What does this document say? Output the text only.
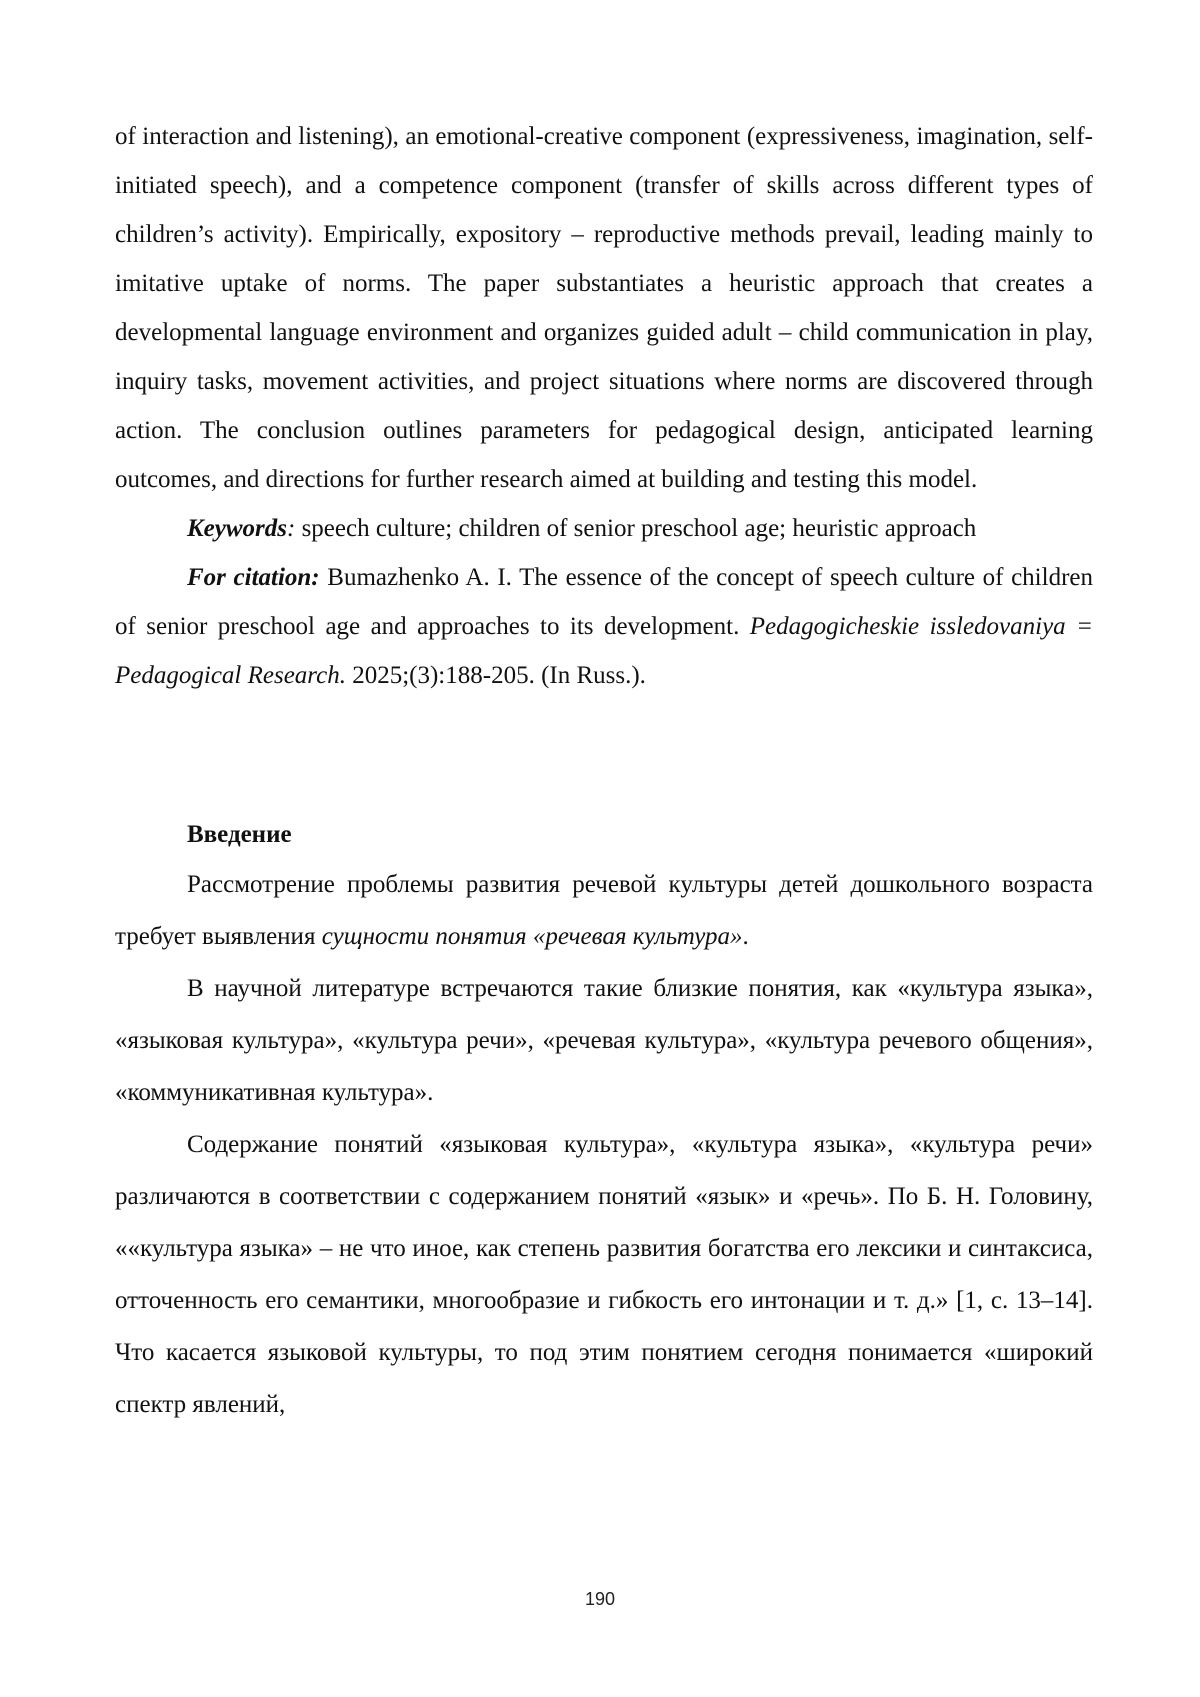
of interaction and listening), an emotional-creative component (expressiveness, imagination, self-initiated speech), and a competence component (transfer of skills across different types of children’s activity). Empirically, expository – reproductive methods prevail, leading mainly to imitative uptake of norms. The paper substantiates a heuristic approach that creates a developmental language environment and organizes guided adult – child communication in play, inquiry tasks, movement activities, and project situations where norms are discovered through action. The conclusion outlines parameters for pedagogical design, anticipated learning outcomes, and directions for further research aimed at building and testing this model.

Keywords: speech culture; children of senior preschool age; heuristic approach

For citation: Bumazhenko A. I. The essence of the concept of speech culture of children of senior preschool age and approaches to its development. Pedagogicheskie issledovaniya = Pedagogical Research. 2025;(3):188-205. (In Russ.).

Введение

Рассмотрение проблемы развития речевой культуры детей дошкольного возраста требует выявления сущности понятия «речевая культура».

В научной литературе встречаются такие близкие понятия, как «культура языка», «языковая культура», «культура речи», «речевая культура», «культура речевого общения», «коммуникативная культура».

Содержание понятий «языковая культура», «культура языка», «культура речи» различаются в соответствии с содержанием понятий «язык» и «речь». По Б. Н. Головину, ««культура языка» – не что иное, как степень развития богатства его лексики и синтаксиса, отточенность его семантики, многообразие и гибкость его интонации и т. д.» [1, с. 13–14]. Что касается языковой культуры, то под этим понятием сегодня понимается «широкий спектр явлений,

190
